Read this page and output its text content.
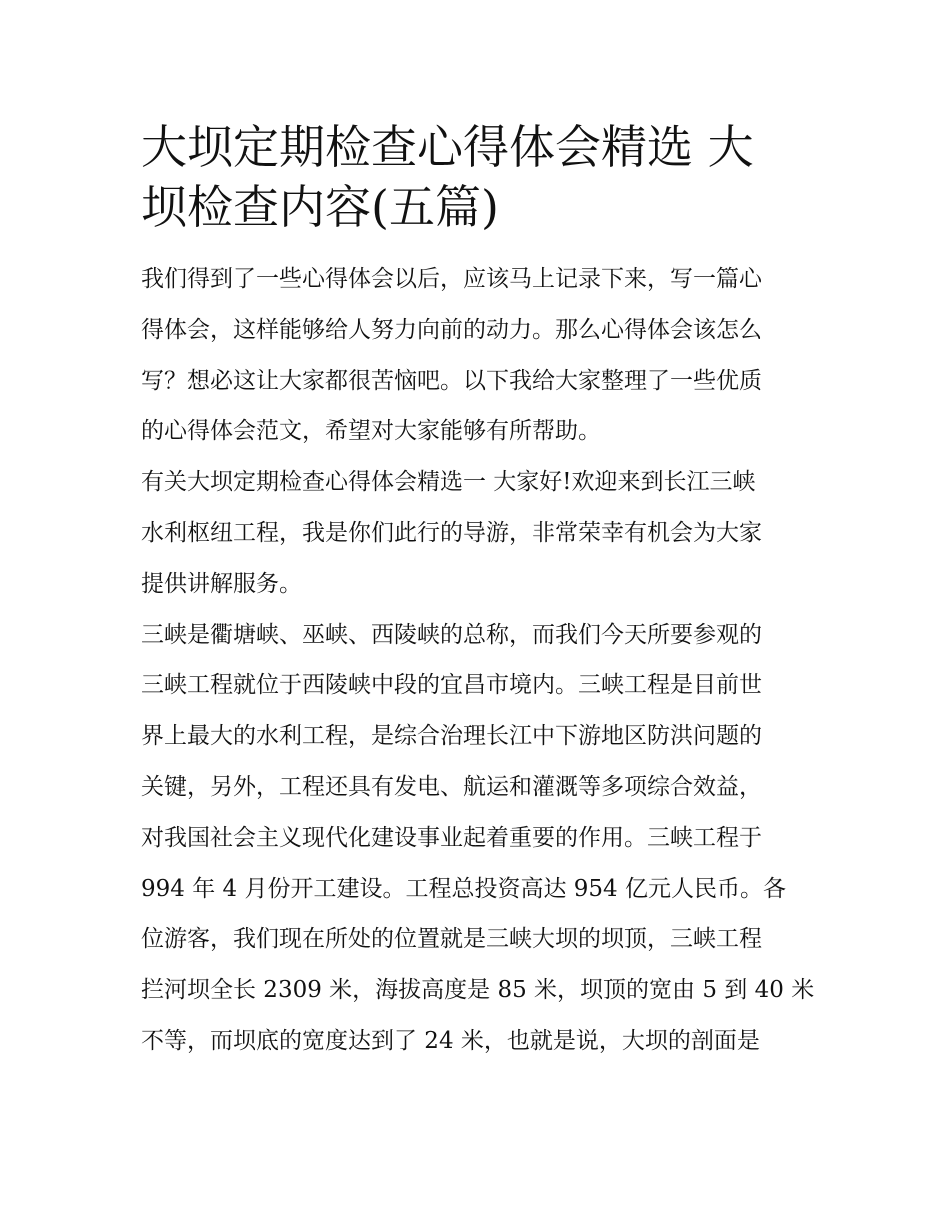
大坝定期检查心得体会精选 大
坝检查内容(五篇)

我们得到了一些心得体会以后，应该马上记录下来，写一篇心
得体会，这样能够给人努力向前的动力。那么心得体会该怎么
写？想必这让大家都很苦恼吧。以下我给大家整理了一些优质
的心得体会范文，希望对大家能够有所帮助。

有关大坝定期检查心得体会精选一 大家好!欢迎来到长江三峡
水利枢纽工程，我是你们此行的导游，非常荣幸有机会为大家
提供讲解服务。

三峡是衢塘峡、巫峡、西陵峡的总称，而我们今天所要参观的
三峡工程就位于西陵峡中段的宜昌市境内。三峡工程是目前世
界上最大的水利工程，是综合治理长江中下游地区防洪问题的
关键，另外，工程还具有发电、航运和灌溉等多项综合效益，
对我国社会主义现代化建设事业起着重要的作用。三峡工程于
994 年 4 月份开工建设。工程总投资高达 954 亿元人民币。各
位游客，我们现在所处的位置就是三峡大坝的坝顶，三峡工程
拦河坝全长 2309 米，海拔高度是 85 米，坝顶的宽由 5 到 40 米
不等，而坝底的宽度达到了 24 米，也就是说，大坝的剖面是
